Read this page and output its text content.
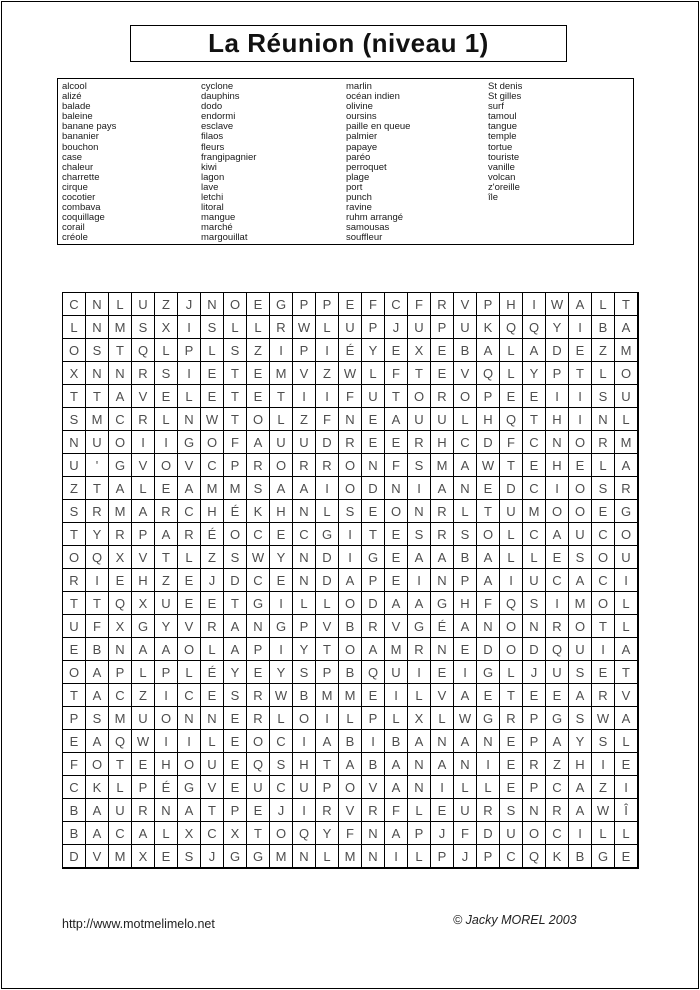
La Réunion (niveau 1)
alcool
alizé
balade
baleine
banane pays
bananier
bouchon
case
chaleur
charrette
cirque
cocotier
combava
coquillage
corail
créole
cyclone
dauphins
dodo
endormi
esclave
filaos
fleurs
frangipagnier
kiwi
lagon
lave
letchi
litoral
mangue
marché
margouillat
marlin
océan indien
olivine
oursins
paille en queue
palmier
papaye
paréo
perroquet
plage
port
punch
ravine
ruhm arrangé
samousas
souffleur
St denis
St gilles
surf
tamoul
tangue
temple
tortue
touriste
vanille
volcan
z'oreille
île
C	N	L	U	Z	J	N	O	E	G	P	P	E	F	C	F	R	V	P	H	I	W A	L	T
L	N M	S	X	I	S	L	L	R W	L	U	P	J	U	P	U	K	Q Q	Y	I	B	A
O	S	T	Q	L	P	L	S	Z	I	P	I	É	Y	E	X	E	B	A	L	A	D	E	Z	M
X	N	N	R	S	I	E	T	E	M	V	Z W	L	F	T	E	V	Q	L	Y	P	T	L	O
T	T	A	V	E	L	E	T	E	T	I	I	F	U	T	O	R	O	P	E	E	I	I	S	U
S	M C	R	L	N W T	O	L	Z	F	N	E	A	U	U	L	H	Q	T	H	I	N	L
N	U	O	I	I	G O	F	A	U	U	D	R	E	E	R	H	C	D	F	C	N	O	R M
U	'	G	V	O	V	C	P	R	O	R	R	O	N	F	S	M	A W T	E	H	E	L	A
Z	T	A	L	E	A	M M	S	A	A	I	O	D	N	I	A	N	E	D	C	I	O	S	R
S	R M	A	R	C	H	É	K	H	N	L	S	E	O	N	R	L	T	U M O O	E	G
T	Y	R	P	A	R	É	O	C	E	C	G	I	T	E	S	R	S	O	L	C	A	U	C	O
O Q	X	V	T	L	Z	S W Y	N	D	I	G	E	A	A	B	A	L	L	E	S	O	U
R	I	E	H	Z	E	J	D	C	E	N	D	A	P	E	I	N	P	A	I	U	C	A	C	I
T	T	Q	X	U	E	E	T	G	I	L	L	O	D	A	A	G	H	F	Q	S	I	M O	L
U	F	X	G	Y	V	R	A	N	G	P	V	B	R	V	G	É	A	N	O	N	R	O	T	L
E	B	N	A	A	O	L	A	P	I	Y	T	O	A	M R	N	E	D	O	D	Q	U	I	A
O	A	P	L	P	L	É	Y	E	Y	S	P	B	Q	U	I	E	I	G	L	J	U	S	E	T
T	A	C	Z	I	C	E	S	R W B	M M	E	I	L	V	A	E	T	E	E	A	R	V
P	S	M U	O	N	N	E	R	L	O	I	L	P	L	X	L	W G	R	P	G	S W A
E	A	Q W	I	I	L	E	O	C	I	A	B	I	B	A	N	A	N	E	P	A	Y	S	L
F	O	T	E	H	O	U	E	Q	S	H	T	A	B	A	N	A	N	I	E	R	Z	H	I	E
C	K	L	P	É	G	V	E	U	C	U	P	O	V	A	N	I	L	L	E	P	C	A	Z	I
B	A	U	R	N	A	T	P	E	J	I	R	V	R	F	L	E	U	R	S	N	R	A W	Î
B	A	C	A	L	X	C	X	T	O Q	Y	F	N	A	P	J	F	D	U	O	C	I	L	L
D	V	M	X	E	S	J	G G M N	L	M N	I	L	P	J	P	C	Q	K	B	G	E
http://www.motmelimelo.net	© Jacky MOREL 2003
